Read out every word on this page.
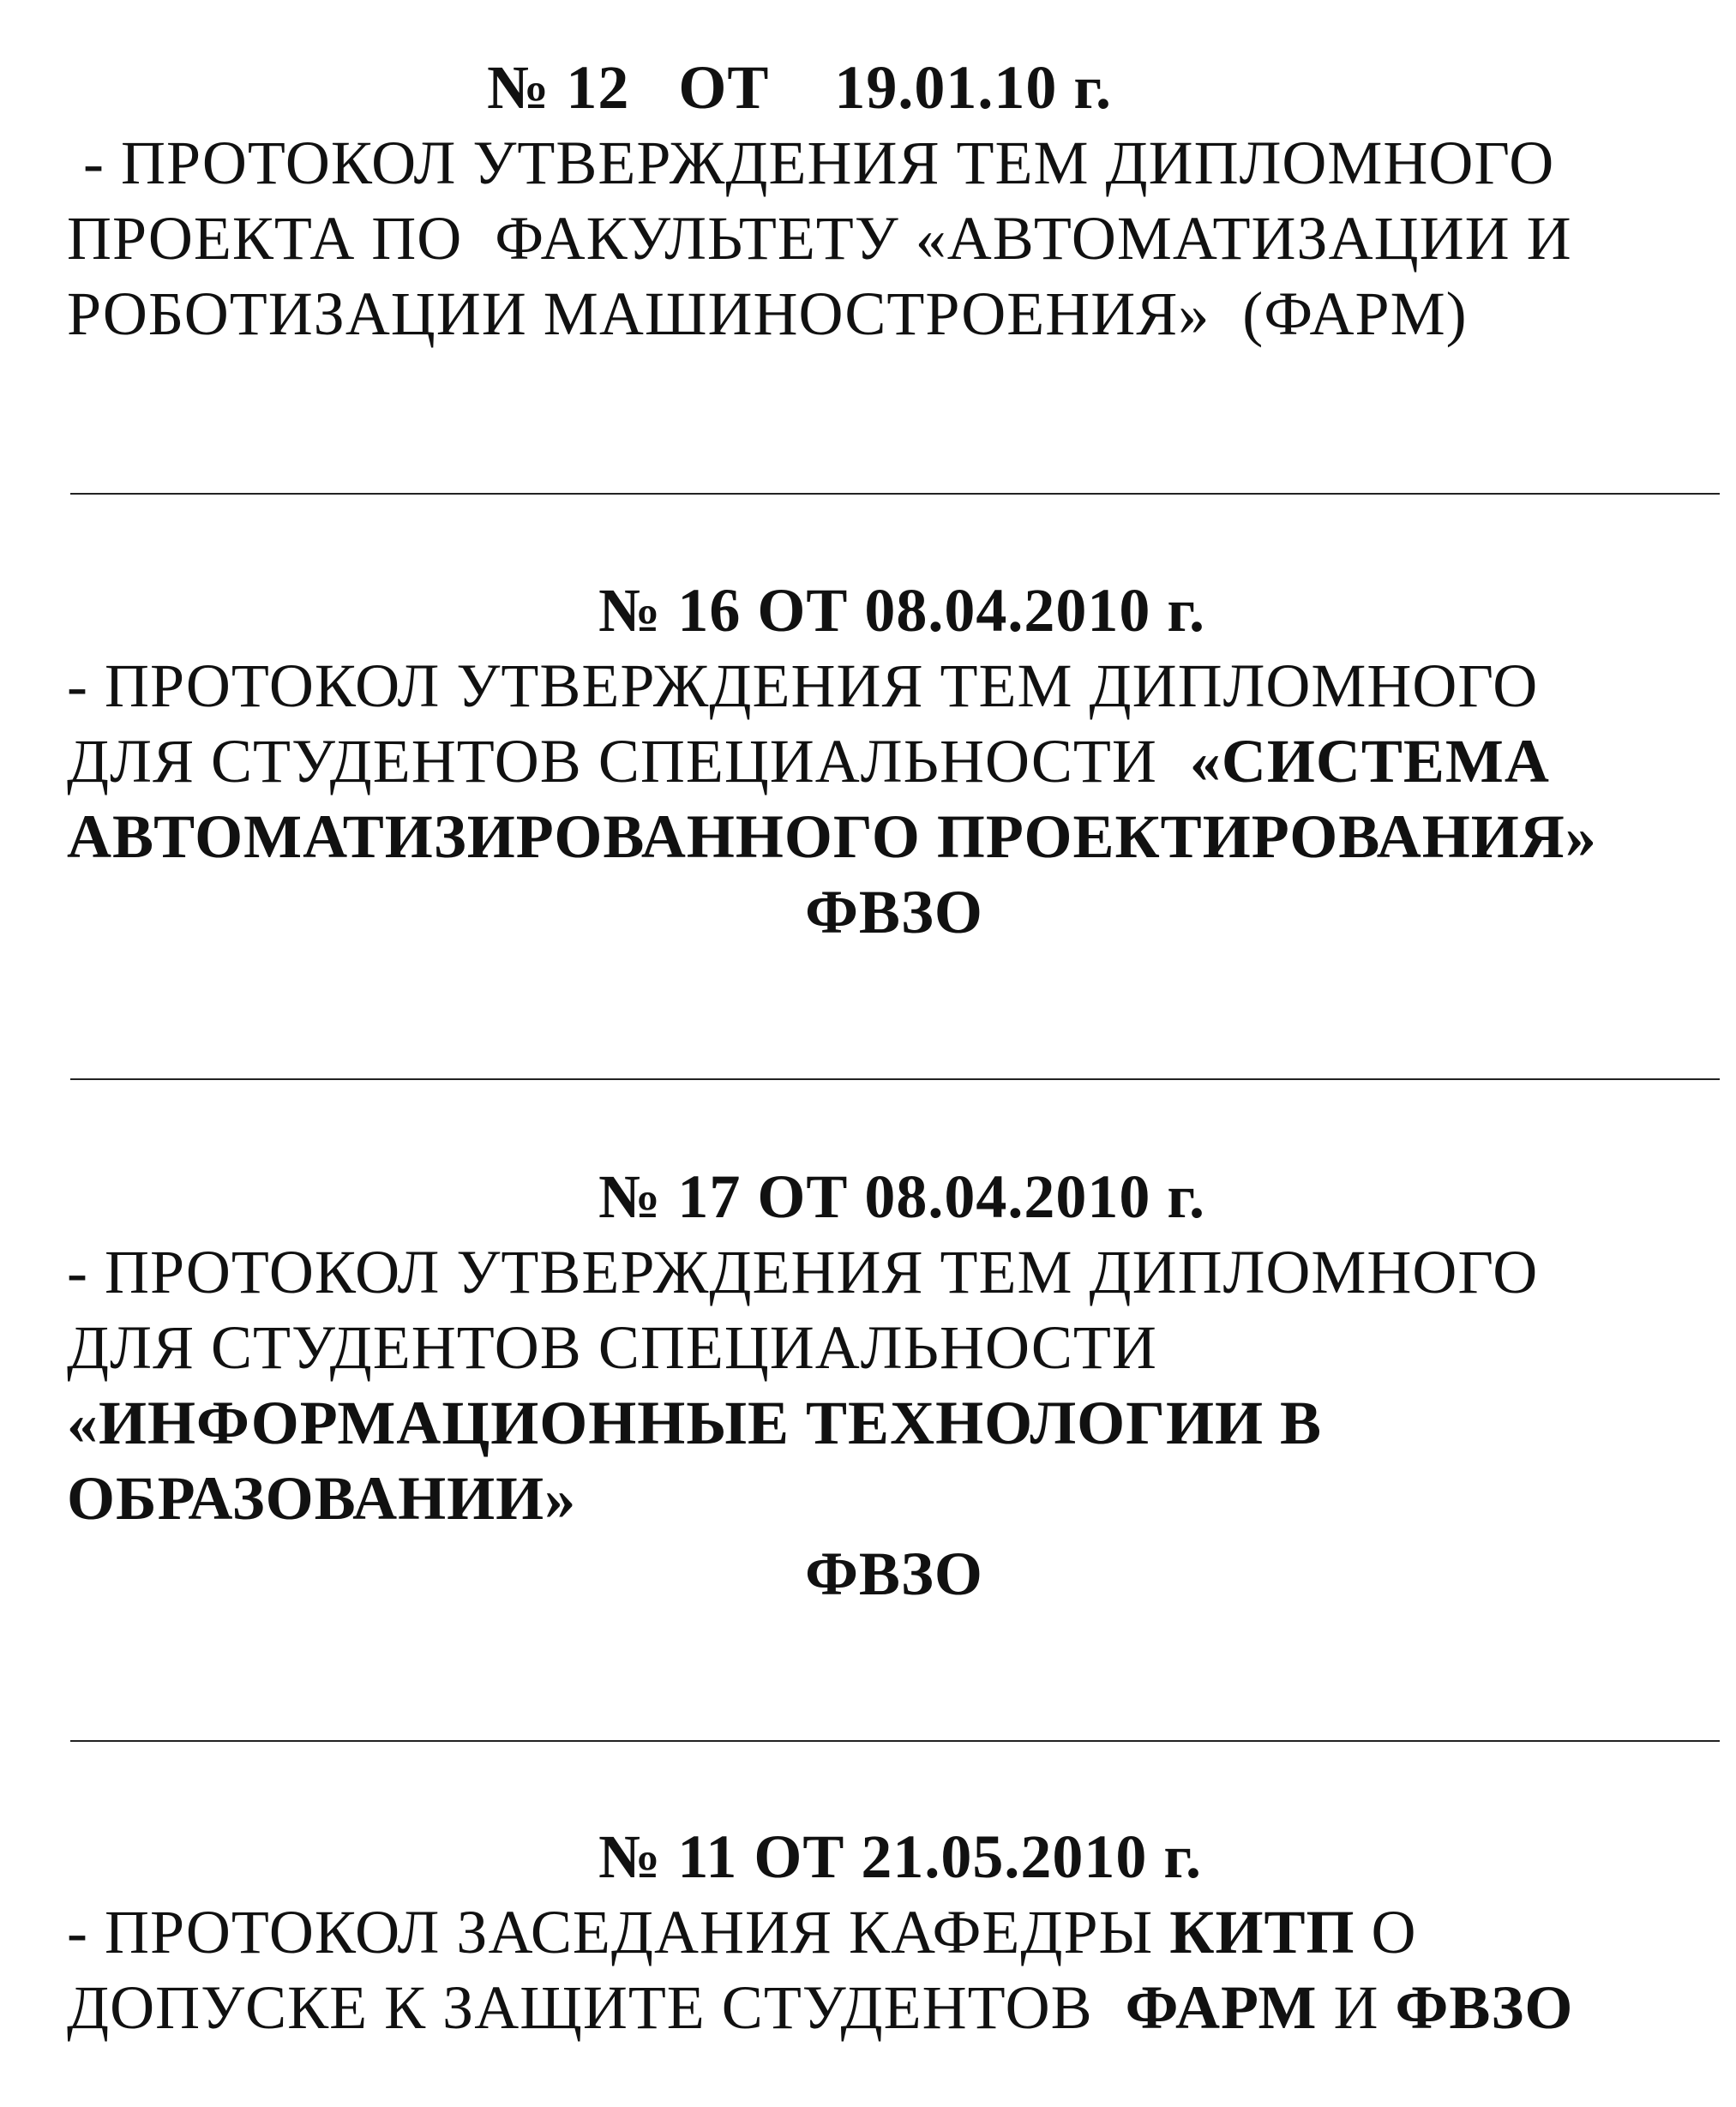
№ 12 ОТ 19.01.10 г.
- ПРОТОКОЛ УТВЕРЖДЕНИЯ ТЕМ ДИПЛОМНОГО
ПРОЕКТА ПО  ФАКУЛЬТЕТУ «АВТОМАТИЗАЦИИ И
РОБОТИЗАЦИИ МАШИНОСТРОЕНИЯ»  (ФАРМ)
№ 16 ОТ 08.04.2010 г.
- ПРОТОКОЛ УТВЕРЖДЕНИЯ ТЕМ ДИПЛОМНОГО
ДЛЯ СТУДЕНТОВ СПЕЦИАЛЬНОСТИ  «СИСТЕМА
АВТОМАТИЗИРОВАННОГО ПРОЕКТИРОВАНИЯ»
ФВЗО
№ 17 ОТ 08.04.2010 г.
- ПРОТОКОЛ УТВЕРЖДЕНИЯ ТЕМ ДИПЛОМНОГО
ДЛЯ СТУДЕНТОВ СПЕЦИАЛЬНОСТИ
«ИНФОРМАЦИОННЫЕ ТЕХНОЛОГИИ В
ОБРАЗОВАНИИ»
ФВЗО
№ 11 ОТ 21.05.2010 г.
- ПРОТОКОЛ ЗАСЕДАНИЯ КАФЕДРЫ КИТП О
ДОПУСКЕ К ЗАЩИТЕ СТУДЕНТОВ  ФАРМ И ФВЗО
